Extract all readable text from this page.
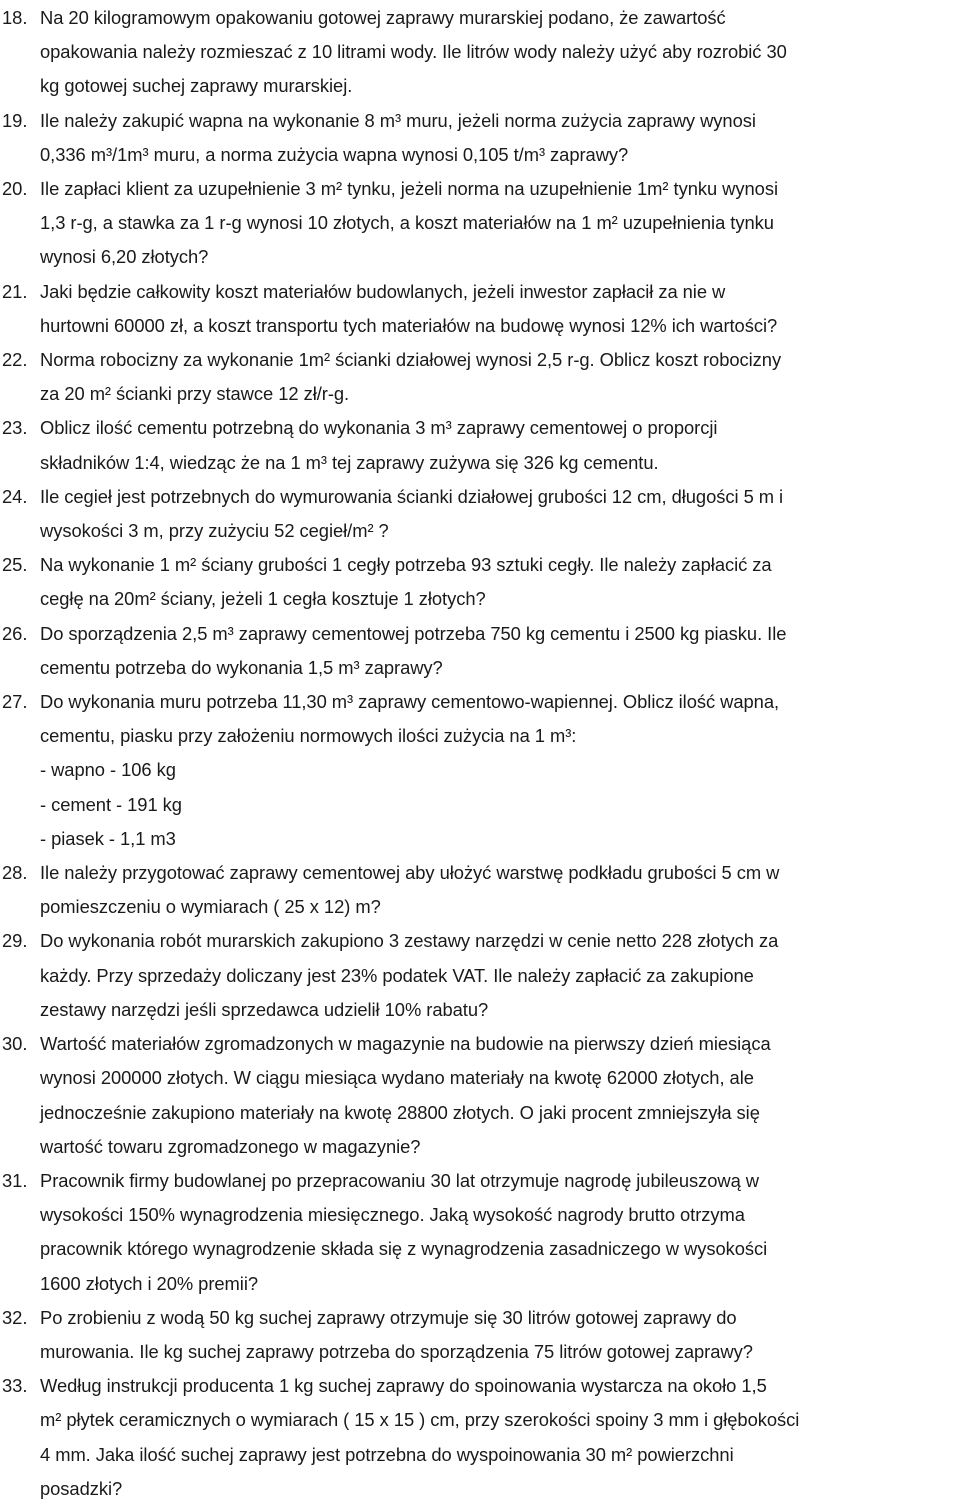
18. Na 20 kilogramowym opakowaniu gotowej zaprawy murarskiej podano, że zawartość
opakowania należy rozmieszać z 10 litrami wody. Ile litrów wody należy użyć aby rozrobić 30
kg gotowej suchej zaprawy murarskiej.
19. Ile należy zakupić wapna na wykonanie 8 m³ muru, jeżeli norma zużycia zaprawy wynosi
0,336 m³/1m³ muru, a norma zużycia wapna wynosi 0,105 t/m³ zaprawy?
20. Ile zapłaci klient za uzupełnienie 3 m² tynku, jeżeli norma na uzupełnienie 1m² tynku wynosi
1,3 r-g, a stawka za 1 r-g wynosi 10 złotych, a koszt materiałów na 1 m² uzupełnienia tynku
wynosi 6,20 złotych?
21. Jaki będzie całkowity koszt materiałów budowlanych, jeżeli inwestor zapłacił za nie w
hurtowni 60000 zł, a koszt transportu tych materiałów na budowę wynosi 12% ich wartości?
22. Norma robocizny za wykonanie 1m² ścianki działowej wynosi 2,5 r-g. Oblicz koszt robocizny
za 20 m² ścianki przy stawce 12 zł/r-g.
23. Oblicz ilość cementu potrzebną do wykonania 3 m³ zaprawy cementowej o proporcji
składników 1:4, wiedząc że na 1 m³ tej zaprawy zużywa się 326 kg cementu.
24. Ile cegieł jest potrzebnych do wymurowania ścianki działowej grubości 12 cm, długości 5 m i
wysokości 3 m, przy zużyciu 52 cegieł/m² ?
25. Na wykonanie 1 m² ściany grubości 1 cegły potrzeba 93 sztuki cegły. Ile należy zapłacić za
cegłę na 20m² ściany, jeżeli 1 cegła kosztuje 1 złotych?
26. Do sporządzenia 2,5 m³ zaprawy cementowej potrzeba 750 kg cementu i 2500 kg piasku. Ile
cementu potrzeba do wykonania 1,5 m³ zaprawy?
27. Do wykonania muru potrzeba 11,30 m³ zaprawy cementowo-wapiennej. Oblicz ilość wapna,
cementu, piasku przy założeniu normowych ilości zużycia na 1 m³:
- wapno - 106 kg
- cement - 191 kg
- piasek - 1,1 m3
28. Ile należy przygotować zaprawy cementowej aby ułożyć warstwę podkładu grubości 5 cm w
pomieszczeniu o wymiarach ( 25 x 12) m?
29. Do wykonania robót murarskich zakupiono 3 zestawy narzędzi w cenie netto 228 złotych za
każdy. Przy sprzedaży doliczany jest 23% podatek VAT. Ile należy zapłacić za zakupione
zestawy narzędzi jeśli sprzedawca udzielił 10% rabatu?
30. Wartość materiałów zgromadzonych w magazynie na budowie na pierwszy dzień miesiąca
wynosi 200000 złotych. W ciągu miesiąca wydano materiały na kwotę 62000 złotych, ale
jednocześnie zakupiono materiały na kwotę 28800 złotych. O jaki procent zmniejszyła się
wartość towaru zgromadzonego w magazynie?
31. Pracownik firmy budowlanej po przepracowaniu 30 lat otrzymuje nagrodę jubileuszową w
wysokości 150% wynagrodzenia miesięcznego. Jaką wysokość nagrody brutto otrzyma
pracownik którego wynagrodzenie składa się z wynagrodzenia zasadniczego w wysokości
1600 złotych i 20% premii?
32. Po zrobieniu z wodą 50 kg suchej zaprawy otrzymuje się 30 litrów gotowej zaprawy do
murowania. Ile kg suchej zaprawy potrzeba do sporządzenia 75 litrów gotowej zaprawy?
33. Według instrukcji producenta 1 kg suchej zaprawy do spoinowania wystarcza na około 1,5
m² płytek ceramicznych o wymiarach ( 15 x 15 ) cm, przy szerokości spoiny 3 mm i głębokości
4 mm. Jaka ilość suchej zaprawy jest potrzebna do wyspoinowania 30 m² powierzchni
posadzki?
